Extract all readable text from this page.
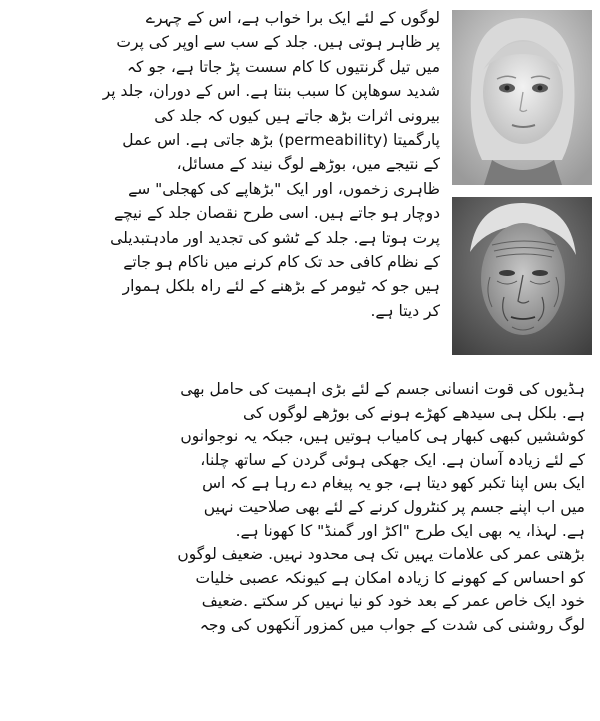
لوگوں کے لئے ایک برا خواب ہے، اس کے چہرے
پر ظاہر ہوتی ہیں. جلد کے سب سے اوپر کی پرت
میں تیل گرنتیوں کا کام سست پڑ جاتا ہے، جو کہ
شدید سوھاپن کا سبب بنتا ہے. اس کے دوران، جلد پر
بیرونی اثرات بڑھ جاتے ہیں کیوں کہ جلد کی
پارگمیتا (permeability) بڑھ جاتی ہے. اس عمل
کے نتیجے میں، بوڑھے لوگ نیند کے مسائل،
ظاہری زخموں، اور ایک "بڑھاپے کی کھجلی" سے
دوچار ہو جاتے ہیں. اسی طرح نقصان جلد کے نیچے
پرت ہوتا ہے. جلد کے ٹشو کی تجدید اور مادہتبدیلی
کے نظام کافی حد تک کام کرنے میں ناکام ہو جاتے
ہیں جو کہ ٹیومر کے بڑھنے کے لئے راہ بلکل ہموار
کر دیتا ہے.
ہڈیوں کی قوت انسانی جسم کے لئے بڑی اہمیت کی حامل بھی
ہے. بلکل ہی سیدھے کھڑے ہونے کی بوڑھے لوگوں کی
کوششیں کبھی کبھار ہی کامیاب ہوتیں ہیں، جبکہ یہ نوجوانوں
کے لئے زیادہ آسان ہے. ایک جھکی ہوئی گردن کے ساتھ چلنا،
ایک بس اپنا تکبر کھو دیتا ہے، جو یہ پیغام دے رہا ہے کہ اس
میں اب اپنے جسم پر کنٹرول کرنے کے لئے بھی صلاحیت نہیں
ہے. لہذا، یہ بھی ایک طرح "اکڑ اور گمنڈ" کا کھونا ہے.
بڑھتی عمر کی علامات یہیں تک ہی محدود نہیں. ضعیف لوگوں
کو احساس کے کھونے کا زیادہ امکان ہے کیونکہ عصبی خلیات
خود ایک خاص عمر کے بعد خود کو نیا نہیں کر سکتے .ضعیف
لوگ روشنی کی شدت کے جواب میں کمزور آنکھوں کی وجہ
